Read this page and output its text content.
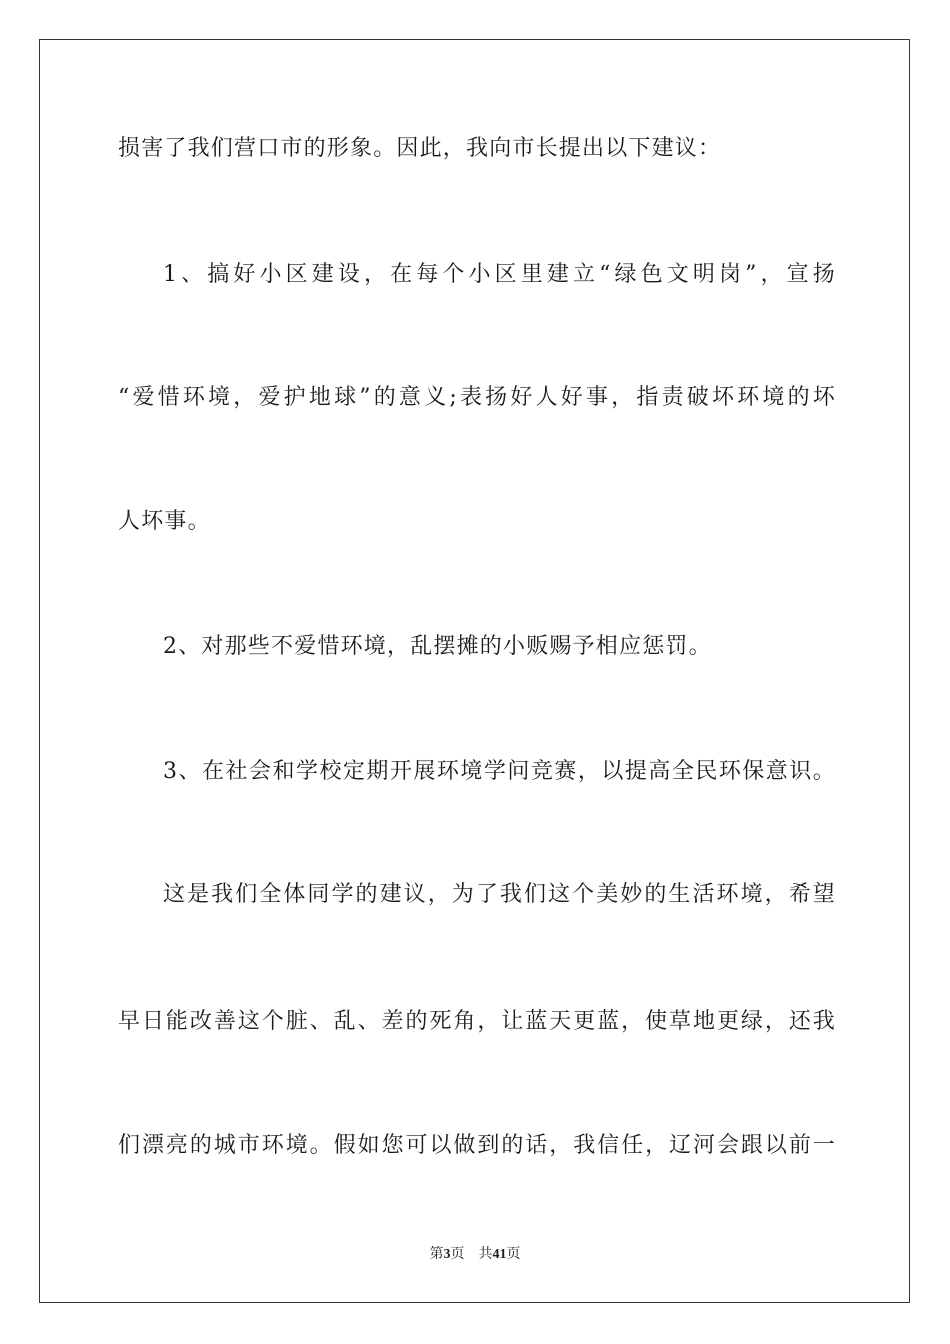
损害了我们营口市的形象。因此，我向市长提出以下建议：
1、搞好小区建设，在每个小区里建立“绿色文明岗”，宣扬
“爱惜环境，爱护地球”的意义;表扬好人好事，指责破坏环境的坏
人坏事。
2、对那些不爱惜环境，乱摆摊的小贩赐予相应惩罚。
3、在社会和学校定期开展环境学问竞赛，以提高全民环保意识。
这是我们全体同学的建议，为了我们这个美妙的生活环境，希望
早日能改善这个脏、乱、差的死角，让蓝天更蓝，使草地更绿，还我
们漂亮的城市环境。假如您可以做到的话，我信任，辽河会跟以前一
第3页 共41页
